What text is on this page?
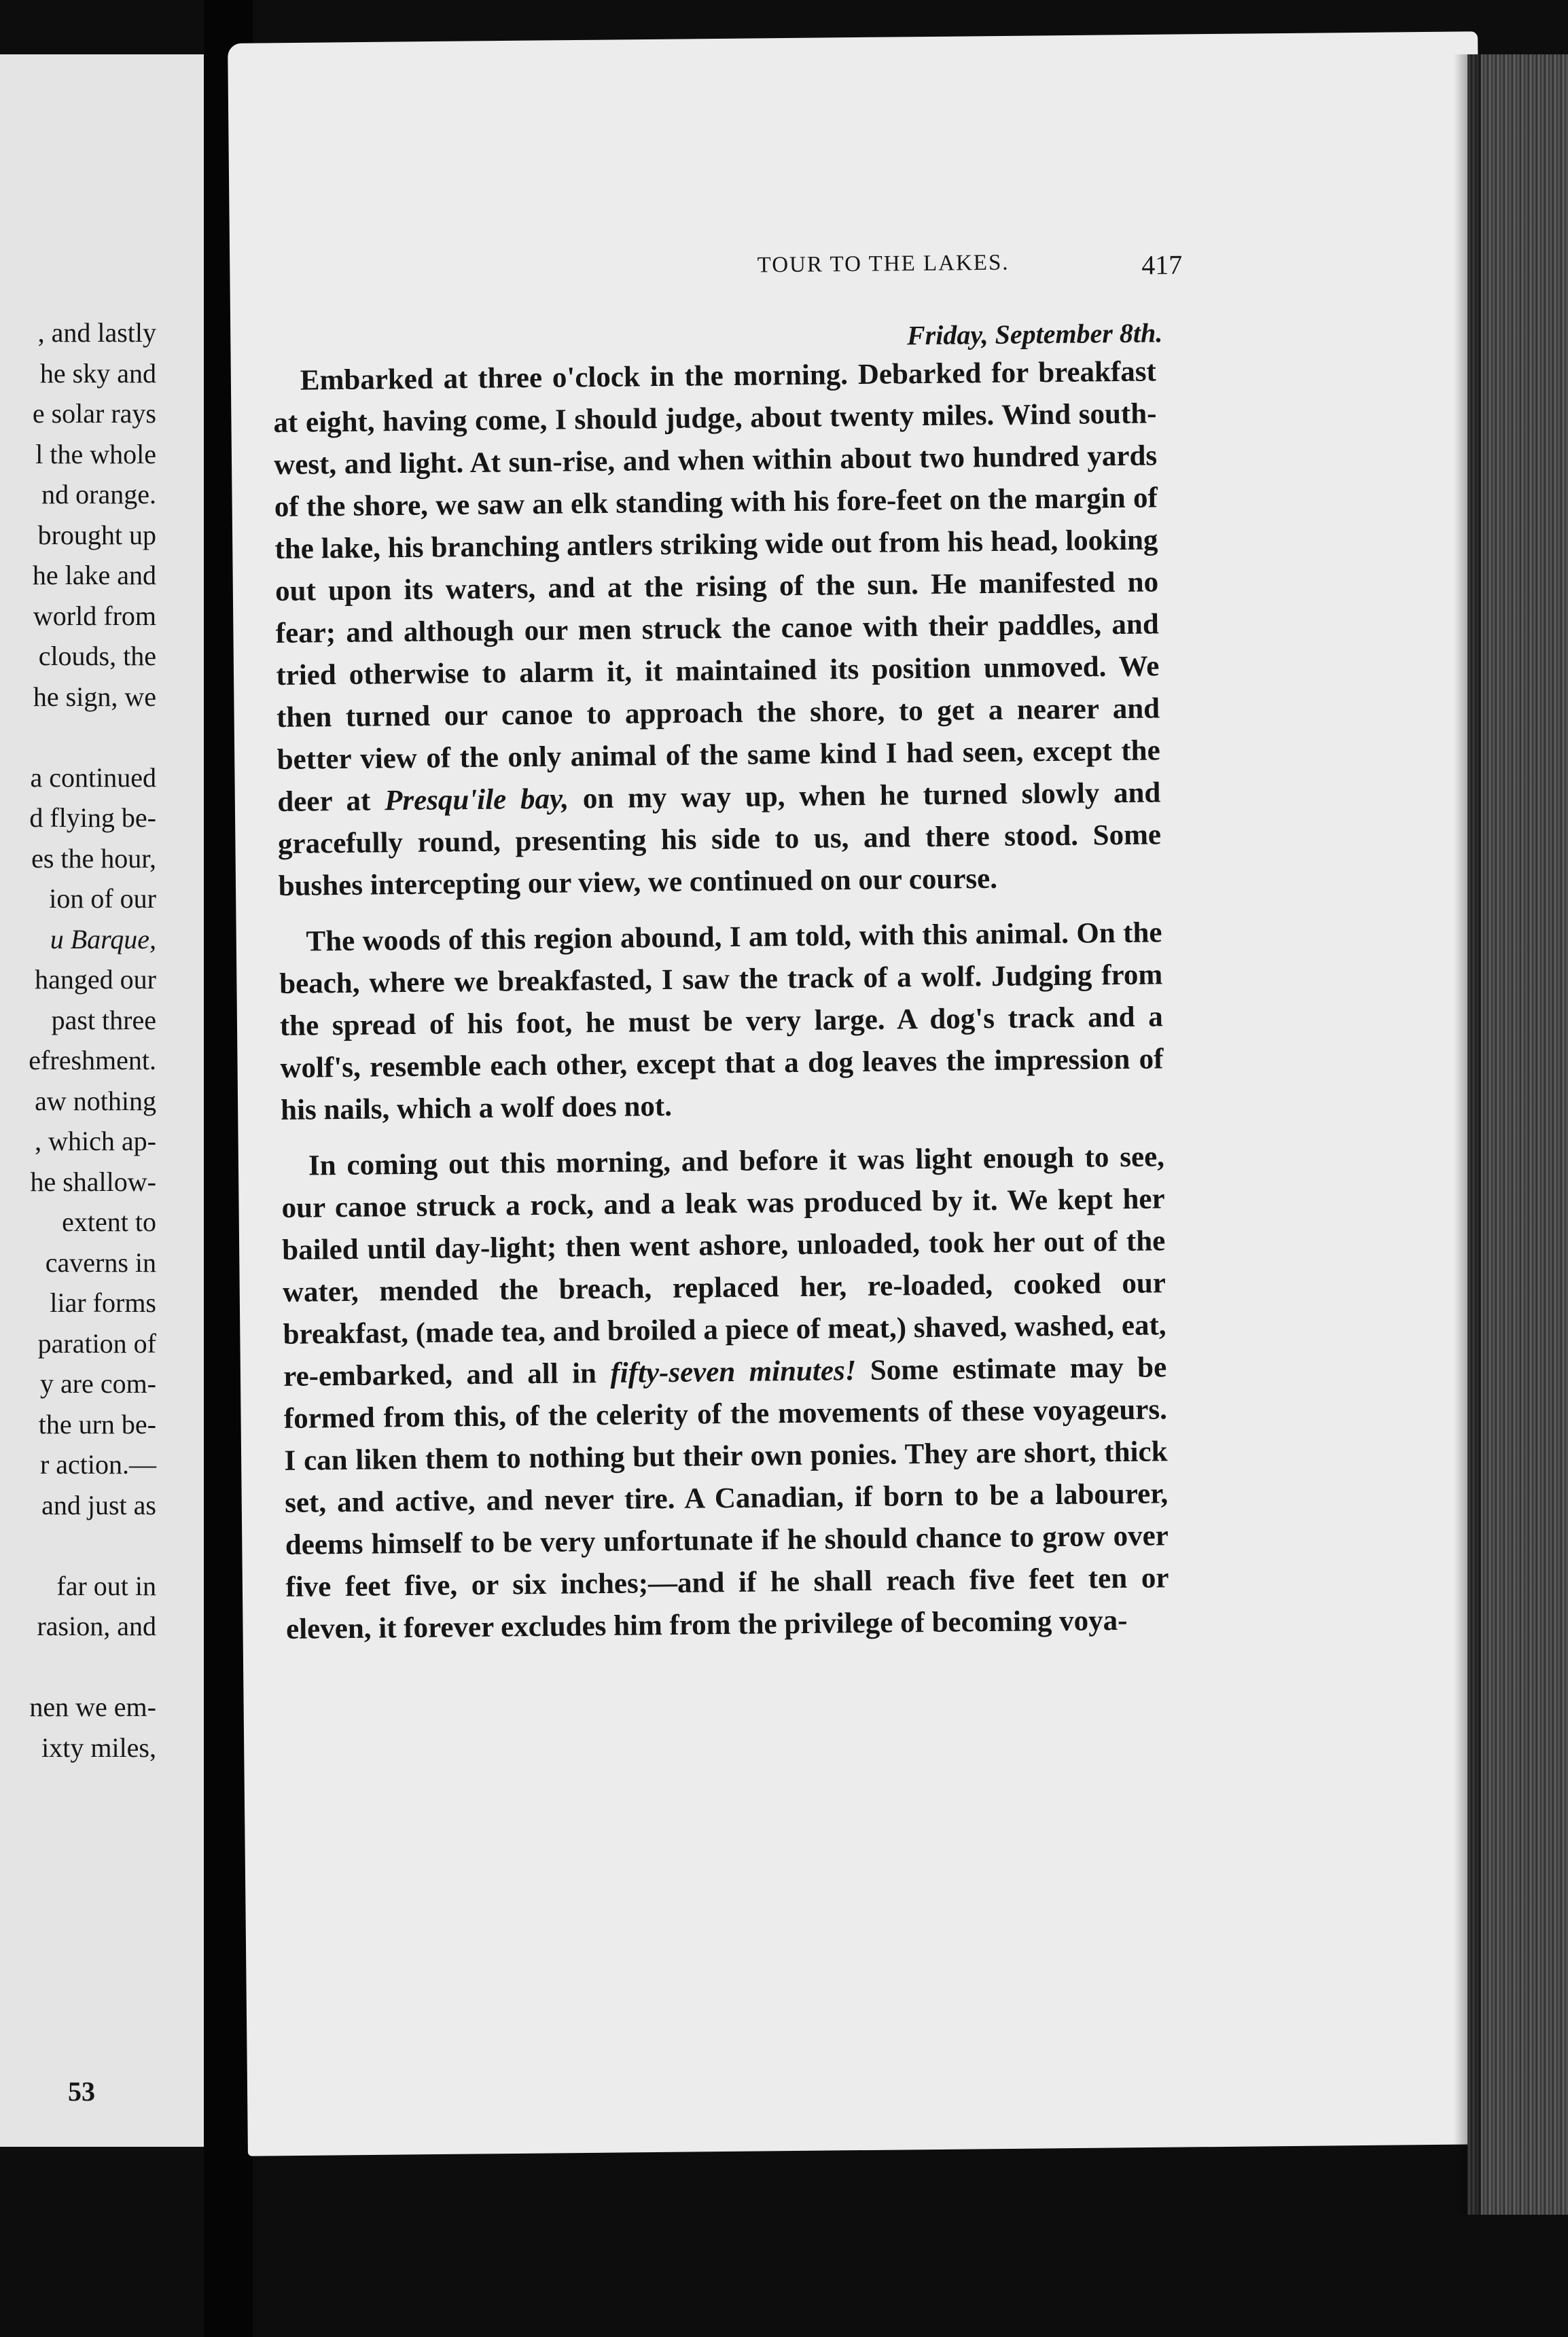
, and lastly
he sky and
e solar rays
l the whole
nd orange.
brought up
he lake and
world from
clouds, the
he sign, we
a continued
d flying be-
es the hour,
ion of our
u Barque,
hanged our
past three
efreshment.
aw nothing
, which ap-
he shallow-
extent to
caverns in
liar forms
paration of
y are com-
the urn be-
r action.—
and just as
far out in
rasion, and
nen we em-
ixty miles,
TOUR TO THE LAKES.	417
Friday, September 8th.

Embarked at three o'clock in the morning. Debarked for breakfast at eight, having come, I should judge, about twenty miles. Wind south-west, and light. At sun-rise, and when within about two hundred yards of the shore, we saw an elk standing with his fore-feet on the margin of the lake, his branching antlers striking wide out from his head, looking out upon its waters, and at the rising of the sun. He manifested no fear; and although our men struck the canoe with their paddles, and tried otherwise to alarm it, it maintained its position unmoved. We then turned our canoe to approach the shore, to get a nearer and better view of the only animal of the same kind I had seen, except the deer at Presqu'ile bay, on my way up, when he turned slowly and gracefully round, presenting his side to us, and there stood. Some bushes intercepting our view, we continued on our course.

The woods of this region abound, I am told, with this animal. On the beach, where we breakfasted, I saw the track of a wolf. Judging from the spread of his foot, he must be very large. A dog's track and a wolf's, resemble each other, except that a dog leaves the impression of his nails, which a wolf does not.

In coming out this morning, and before it was light enough to see, our canoe struck a rock, and a leak was produced by it. We kept her bailed until day-light; then went ashore, unloaded, took her out of the water, mended the breach, replaced her, re-loaded, cooked our breakfast, (made tea, and broiled a piece of meat,) shaved, washed, eat, re-embarked, and all in fifty-seven minutes! Some estimate may be formed from this, of the celerity of the movements of these voyageurs. I can liken them to nothing but their own ponies. They are short, thick set, and active, and never tire. A Canadian, if born to be a labourer, deems himself to be very unfortunate if he should chance to grow over five feet five, or six inches;—and if he shall reach five feet ten or eleven, it forever excludes him from the privilege of becoming voya-

53
